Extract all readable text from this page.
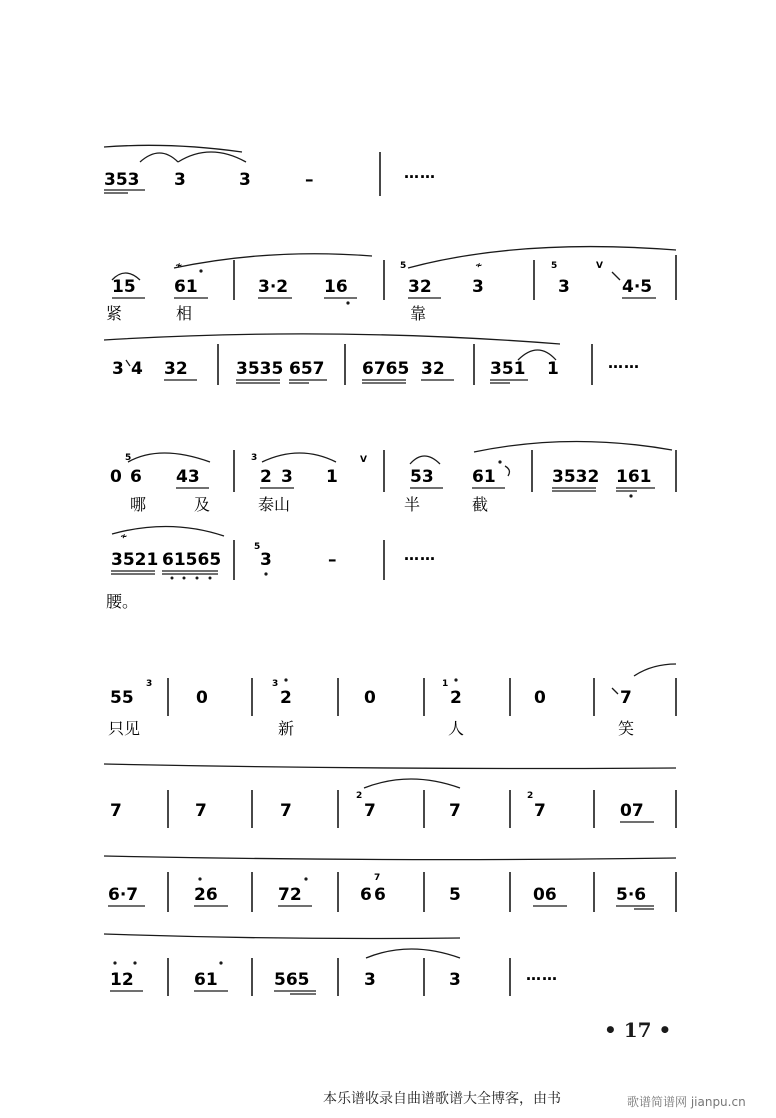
353 3	3	–	……
≁	≁	V
15 61	3·2 16
5
32 3
5
3	4·5
紧	相	靠
3 4 32	3535 657 6765 32	351 1	……
5	3	V
0 6 43	2 3 1	53 61	3532 161
哪	及	泰山	半	截
≁
3521 61565
5
3	–	……
腰。
55
3
0
3
2	0
1
2	0	7
只见	新	人	笑
7	7	7
2
7	7
2
7	07
6·7	26	72	6
7
6	5	06	5·6
12	61	565	3	3	……
• 17 •
本乐谱收录自曲谱歌谱大全博客，由书	歌谱简谱网 jianpu.cn
